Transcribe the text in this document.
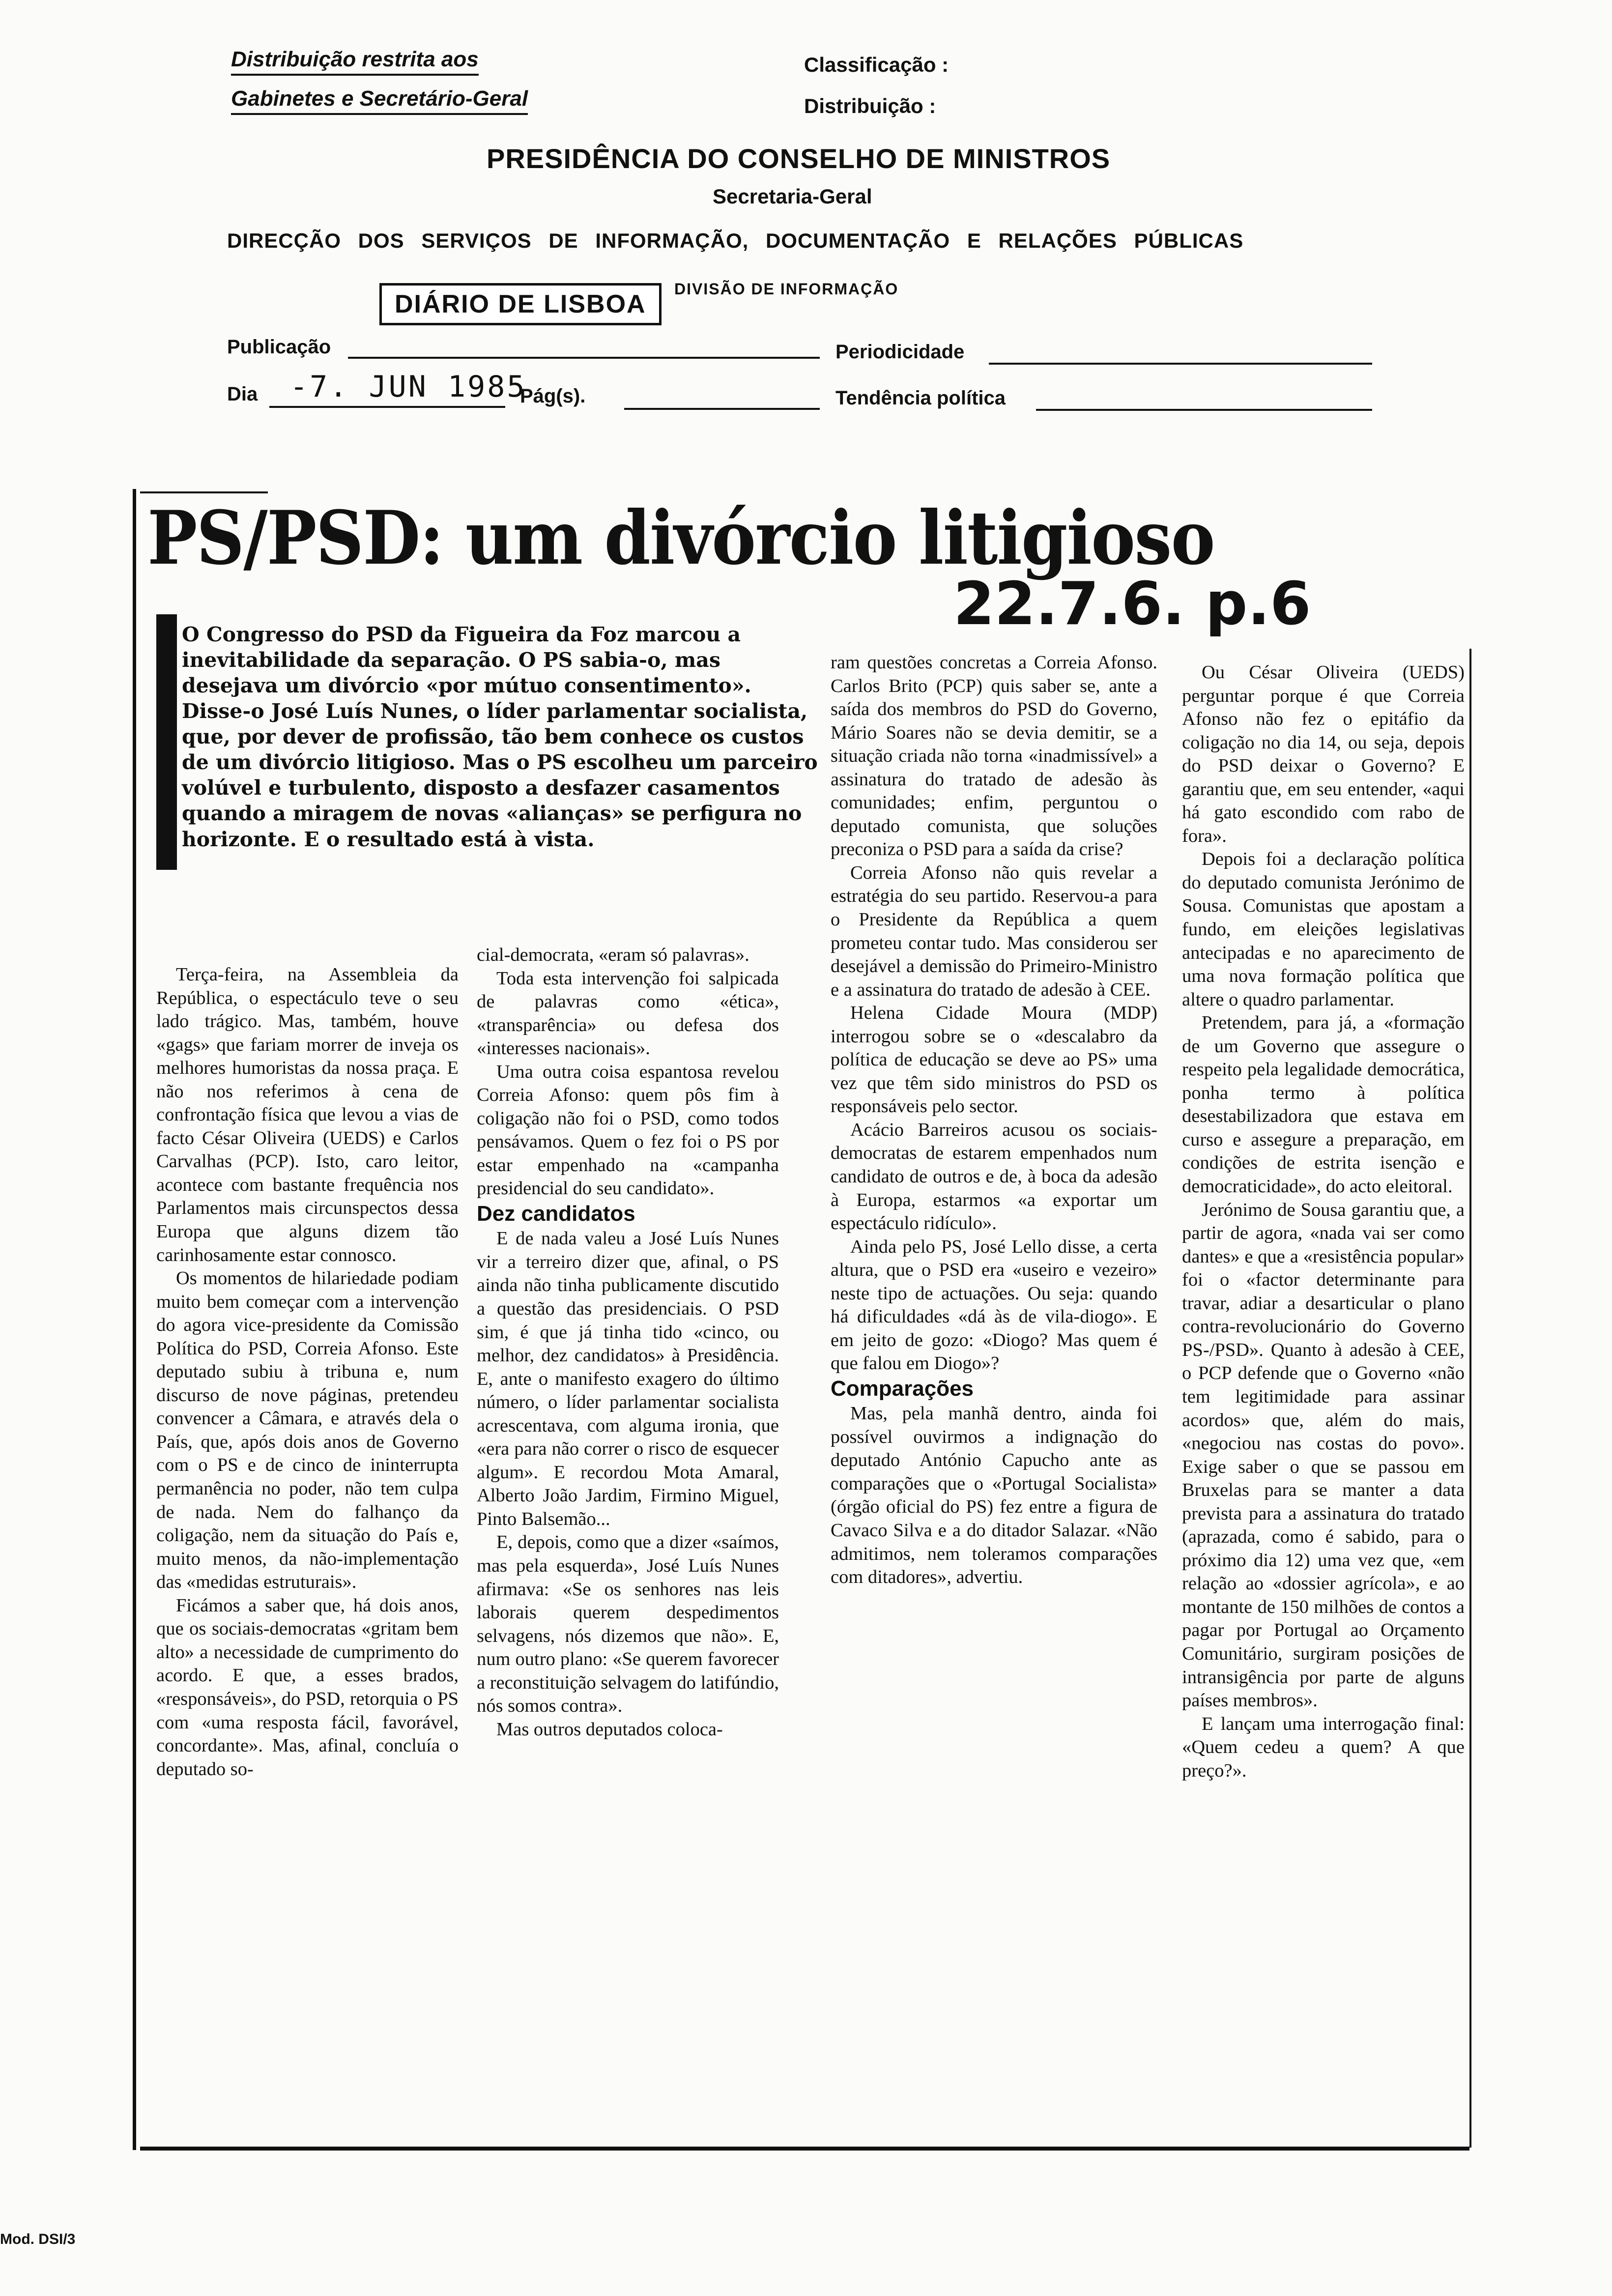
Distribuição restrita aos
Gabinetes e Secretário-Geral
Classificação :
Distribuição :
PRESIDÊNCIA DO CONSELHO DE MINISTROS
Secretaria-Geral
DIRECÇÃO DOS SERVIÇOS DE INFORMAÇÃO, DOCUMENTAÇÃO E RELAÇÕES PÚBLICAS
DIÁRIO DE LISBOA
DIVISÃO DE INFORMAÇÃO
Publicação	Periodicidade
Dia -7. JUN 1985
Pág(s).	Tendência política
PS/PSD: um divórcio litigioso
22.7.6. p.6
O Congresso do PSD da Figueira da Foz marcou a inevitabilidade da separação. O PS sabia-o, mas desejava um divórcio «por mútuo consentimento». Disse-o José Luís Nunes, o líder parlamentar socialista, que, por dever de profissão, tão bem conhece os custos de um divórcio litigioso. Mas o PS escolheu um parceiro volúvel e turbulento, disposto a desfazer casamentos quando a miragem de novas «alianças» se perfigura no horizonte. E o resultado está à vista.

Terça-feira, na Assembleia da República, o espectáculo teve o seu lado trágico. Mas, também, houve «gags» que fariam morrer de inveja os melhores humoristas da nossa praça. E não nos referimos à cena de confrontação física que levou a vias de facto César Oliveira (UEDS) e Carlos Carvalhas (PCP). Isto, caro leitor, acontece com bastante frequência nos Parlamentos mais circunspectos dessa Europa que alguns dizem tão carinhosamente estar connosco.

Os momentos de hilariedade podiam muito bem começar com a intervenção do agora vice-presidente da Comissão Política do PSD, Correia Afonso. Este deputado subiu à tribuna e, num discurso de nove páginas, pretendeu convencer a Câmara, e através dela o País, que, após dois anos de Governo com o PS e de cinco de ininterrupta permanência no poder, não tem culpa de nada. Nem do falhanço da coligação, nem da situação do País e, muito menos, da não-implementação das «medidas estruturais».

Ficámos a saber que, há dois anos, que os sociais-democratas «gritam bem alto» a necessidade de cumprimento do acordo. E que, a esses brados, «responsáveis», do PSD, retorquia o PS com «uma resposta fácil, favorável, concordante». Mas, afinal, concluía o deputado so-

cial-democrata, «eram só palavras».

Toda esta intervenção foi salpicada de palavras como «ética», «transparência» ou defesa dos «interesses nacionais».

Uma outra coisa espantosa revelou Correia Afonso: quem pôs fim à coligação não foi o PSD, como todos pensávamos. Quem o fez foi o PS por estar empenhado na «campanha presidencial do seu candidato».

Dez candidatos

E de nada valeu a José Luís Nunes vir a terreiro dizer que, afinal, o PS ainda não tinha publicamente discutido a questão das presidenciais. O PSD sim, é que já tinha tido «cinco, ou melhor, dez candidatos» à Presidência. E, ante o manifesto exagero do último número, o líder parlamentar socialista acrescentava, com alguma ironia, que «era para não correr o risco de esquecer algum». E recordou Mota Amaral, Alberto João Jardim, Firmino Miguel, Pinto Balsemão...

E, depois, como que a dizer «saímos, mas pela esquerda», José Luís Nunes afirmava: «Se os senhores nas leis laborais querem despedimentos selvagens, nós dizemos que não». E, num outro plano: «Se querem favorecer a reconstituição selvagem do latifúndio, nós somos contra».

Mas outros deputados coloca-

ram questões concretas a Correia Afonso. Carlos Brito (PCP) quis saber se, ante a saída dos membros do PSD do Governo, Mário Soares não se devia demitir, se a situação criada não torna «inadmissível» a assinatura do tratado de adesão às comunidades; enfim, perguntou o deputado comunista, que soluções preconiza o PSD para a saída da crise?

Correia Afonso não quis revelar a estratégia do seu partido. Reservou-a para o Presidente da República a quem prometeu contar tudo. Mas considerou ser desejável a demissão do Primeiro-Ministro e a assinatura do tratado de adesão à CEE.

Helena Cidade Moura (MDP) interrogou sobre se o «descalabro da política de educação se deve ao PS» uma vez que têm sido ministros do PSD os responsáveis pelo sector.

Acácio Barreiros acusou os sociais-democratas de estarem empenhados num candidato de outros e de, à boca da adesão à Europa, estarmos «a exportar um espectáculo ridículo».

Ainda pelo PS, José Lello disse, a certa altura, que o PSD era «useiro e vezeiro» neste tipo de actuações. Ou seja: quando há dificuldades «dá às de vila-diogo». E em jeito de gozo: «Diogo? Mas quem é que falou em Diogo»?

Comparações

Mas, pela manhã dentro, ainda foi possível ouvirmos a indignação do deputado António Capucho ante as comparações que o «Portugal Socialista» (órgão oficial do PS) fez entre a figura de Cavaco Silva e a do ditador Salazar. «Não admitimos, nem toleramos comparações com ditadores», advertiu.

Ou César Oliveira (UEDS) perguntar porque é que Correia Afonso não fez o epitáfio da coligação no dia 14, ou seja, depois do PSD deixar o Governo? E garantiu que, em seu entender, «aqui há gato escondido com rabo de fora».

Depois foi a declaração política do deputado comunista Jerónimo de Sousa. Comunistas que apostam a fundo, em eleições legislativas antecipadas e no aparecimento de uma nova formação política que altere o quadro parlamentar.

Pretendem, para já, a «formação de um Governo que assegure o respeito pela legalidade democrática, ponha termo à política desestabilizadora que estava em curso e assegure a preparação, em condições de estrita isenção e democraticidade», do acto eleitoral.

Jerónimo de Sousa garantiu que, a partir de agora, «nada vai ser como dantes» e que a «resistência popular» foi o «factor determinante para travar, adiar a desarticular o plano contra-revolucionário do Governo PS-/PSD». Quanto à adesão à CEE, o PCP defende que o Governo «não tem legitimidade para assinar acordos» que, além do mais, «negociou nas costas do povo». Exige saber o que se passou em Bruxelas para se manter a data prevista para a assinatura do tratado (aprazada, como é sabido, para o próximo dia 12) uma vez que, «em relação ao «dossier agrícola», e ao montante de 150 milhões de contos a pagar por Portugal ao Orçamento Comunitário, surgiram posições de intransigência por parte de alguns países membros».

E lançam uma interrogação final: «Quem cedeu a quem? A que preço?».

Mod. DSI/3
